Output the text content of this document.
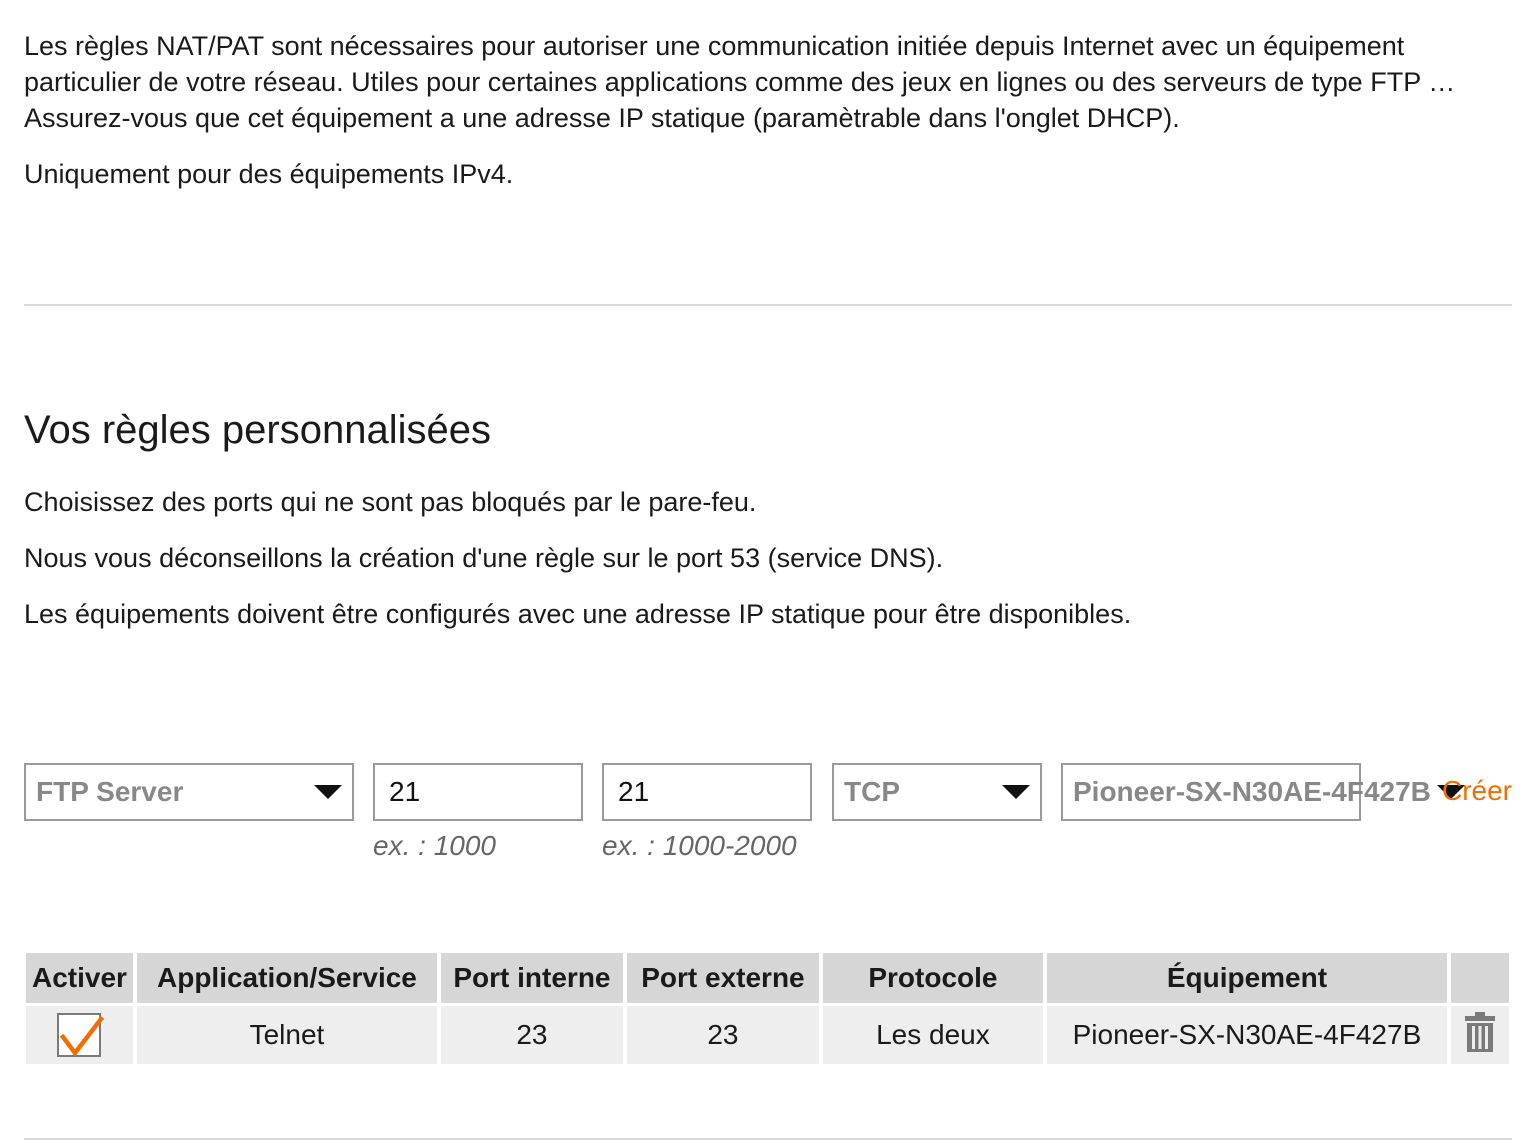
Les règles NAT/PAT sont nécessaires pour autoriser une communication initiée depuis Internet avec un équipement particulier de votre réseau. Utiles pour certaines applications comme des jeux en lignes ou des serveurs de type FTP … Assurez-vous que cet équipement a une adresse IP statique (paramètrable dans l'onglet DHCP).

Uniquement pour des équipements IPv4.

Vos règles personnalisées

Choisissez des ports qui ne sont pas bloqués par le pare-feu.

Nous vous déconseillons la création d'une règle sur le port 53 (service DNS).

Les équipements doivent être configurés avec une adresse IP statique pour être disponibles.

FTP Server
21
ex. : 1000
21	ex. : 1000-2000
TCP	Pioneer-SX-N30AE-4F427B Créer
Activer	Application/Service	Port interne	Port externe	Protocole	Équipement	

	Telnet	23	23	Les deux	Pioneer-SX-N30AE-4F427B	
